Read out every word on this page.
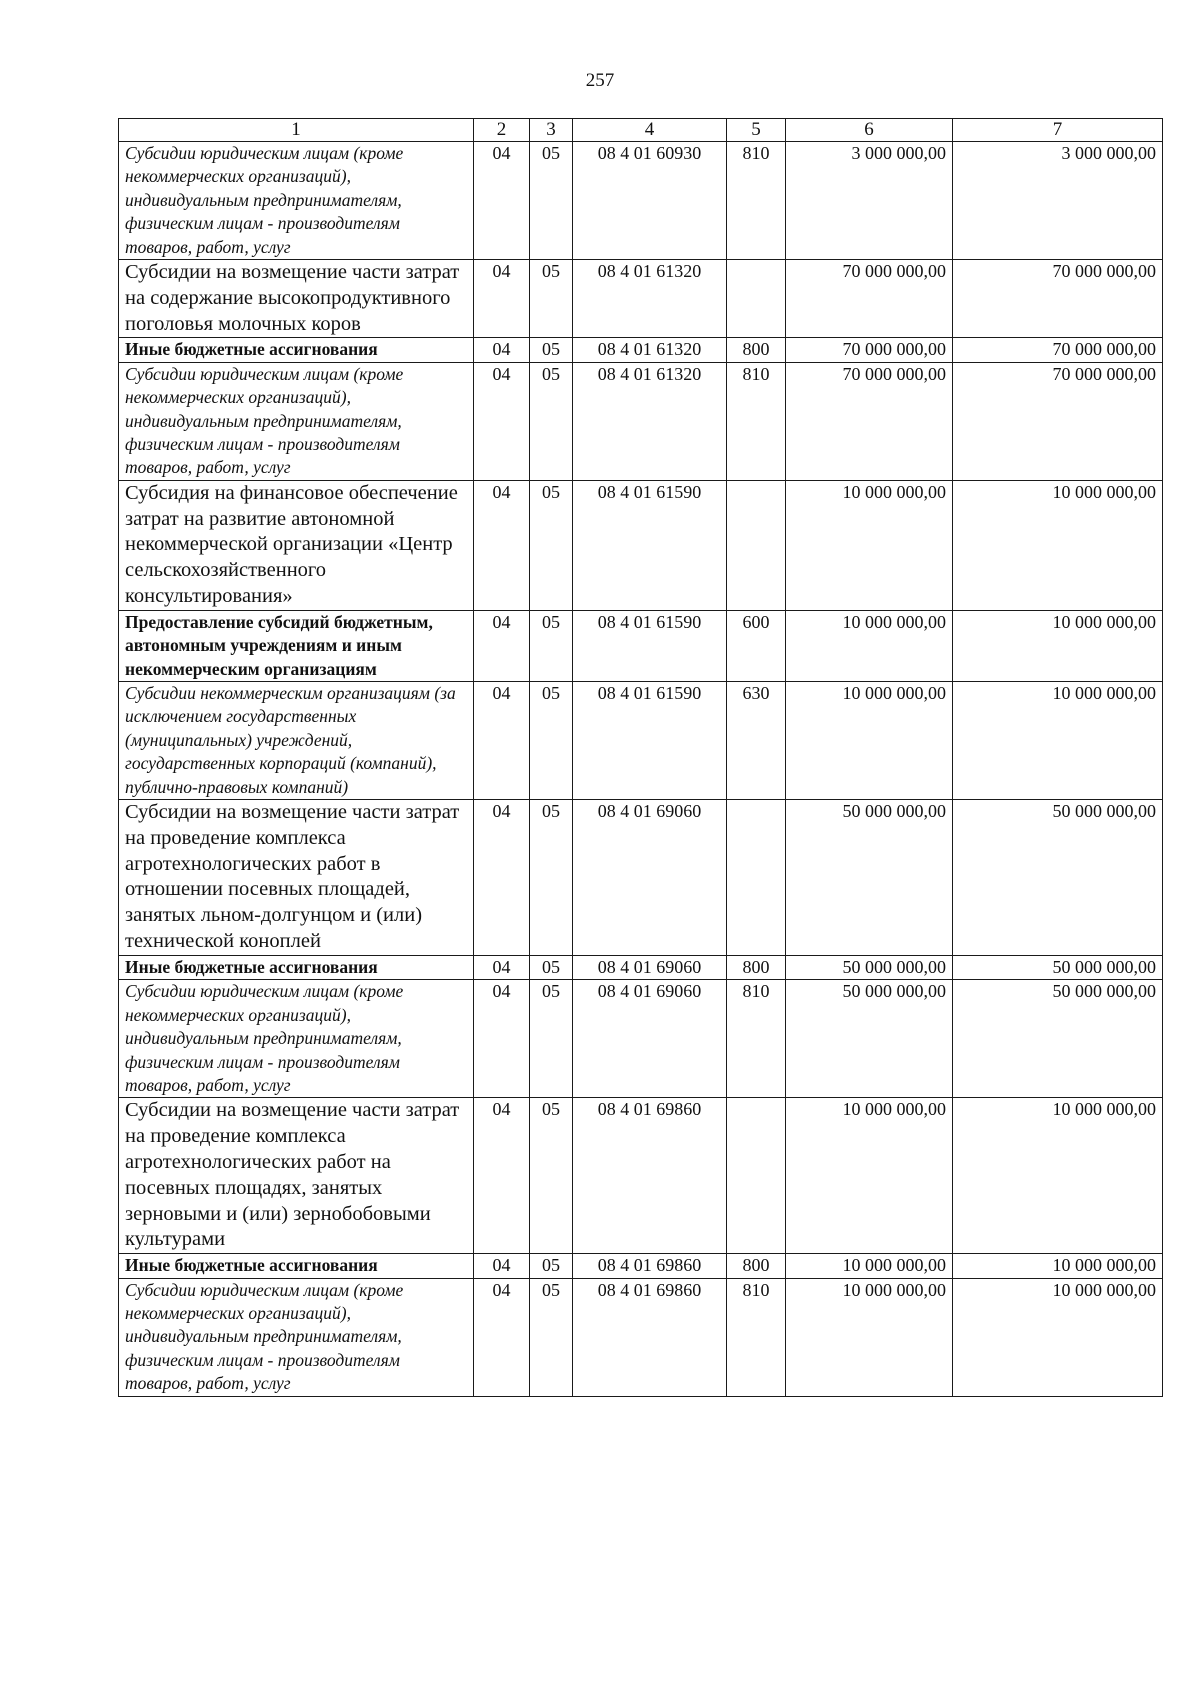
257
1	2	3	4	5	6	7
Субсидии юридическим лицам (кроме некоммерческих организаций), индивидуальным предпринимателям, физическим лицам - производителям товаров, работ, услуг	04	05	08 4 01 60930	810	3 000 000,00	3 000 000,00
Субсидии на возмещение части затрат на содержание высокопродуктивного поголовья молочных коров	04	05	08 4 01 61320		70 000 000,00	70 000 000,00
Иные бюджетные ассигнования	04	05	08 4 01 61320	800	70 000 000,00	70 000 000,00
Субсидии юридическим лицам (кроме некоммерческих организаций), индивидуальным предпринимателям, физическим лицам - производителям товаров, работ, услуг	04	05	08 4 01 61320	810	70 000 000,00	70 000 000,00
Субсидия на финансовое обеспечение затрат на развитие автономной некоммерческой организации «Центр сельскохозяйственного консультирования»	04	05	08 4 01 61590		10 000 000,00	10 000 000,00
Предоставление субсидий бюджетным, автономным учреждениям и иным некоммерческим организациям	04	05	08 4 01 61590	600	10 000 000,00	10 000 000,00
Субсидии некоммерческим организациям (за исключением государственных (муниципальных) учреждений, государственных корпораций (компаний), публично-правовых компаний)	04	05	08 4 01 61590	630	10 000 000,00	10 000 000,00
Субсидии на возмещение части затрат на проведение комплекса агротехнологических работ в отношении посевных площадей, занятых льном-долгунцом и (или) технической коноплей	04	05	08 4 01 69060		50 000 000,00	50 000 000,00
Иные бюджетные ассигнования	04	05	08 4 01 69060	800	50 000 000,00	50 000 000,00
Субсидии юридическим лицам (кроме некоммерческих организаций), индивидуальным предпринимателям, физическим лицам - производителям товаров, работ, услуг	04	05	08 4 01 69060	810	50 000 000,00	50 000 000,00
Субсидии на возмещение части затрат на проведение комплекса агротехнологических работ на посевных площадях, занятых зерновыми и (или) зернобобовыми культурами	04	05	08 4 01 69860		10 000 000,00	10 000 000,00
Иные бюджетные ассигнования	04	05	08 4 01 69860	800	10 000 000,00	10 000 000,00
Субсидии юридическим лицам (кроме некоммерческих организаций), индивидуальным предпринимателям, физическим лицам - производителям товаров, работ, услуг	04	05	08 4 01 69860	810	10 000 000,00	10 000 000,00
